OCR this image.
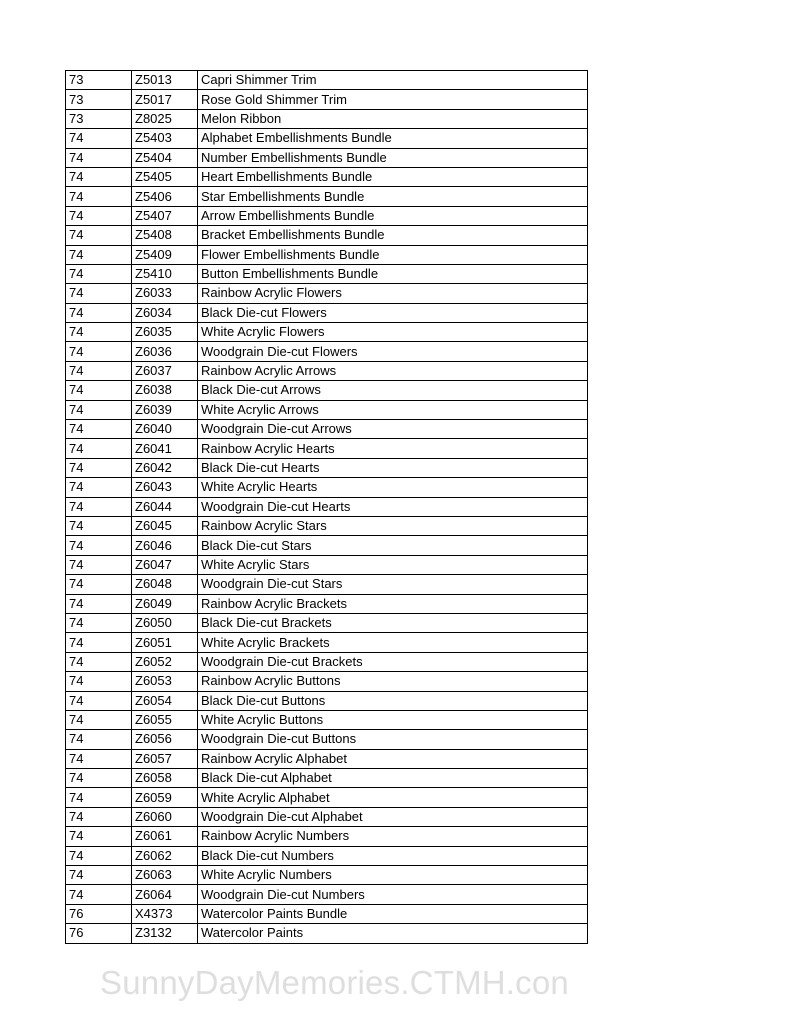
73	Z5013	Capri Shimmer Trim
73	Z5017	Rose Gold Shimmer Trim
73	Z8025	Melon Ribbon
74	Z5403	Alphabet Embellishments Bundle
74	Z5404	Number Embellishments Bundle
74	Z5405	Heart Embellishments Bundle
74	Z5406	Star Embellishments Bundle
74	Z5407	Arrow Embellishments Bundle
74	Z5408	Bracket Embellishments Bundle
74	Z5409	Flower Embellishments Bundle
74	Z5410	Button Embellishments Bundle
74	Z6033	Rainbow Acrylic Flowers
74	Z6034	Black Die-cut Flowers
74	Z6035	White Acrylic Flowers
74	Z6036	Woodgrain Die-cut Flowers
74	Z6037	Rainbow Acrylic Arrows
74	Z6038	Black Die-cut Arrows
74	Z6039	White Acrylic Arrows
74	Z6040	Woodgrain Die-cut Arrows
74	Z6041	Rainbow Acrylic Hearts
74	Z6042	Black Die-cut Hearts
74	Z6043	White Acrylic Hearts
74	Z6044	Woodgrain Die-cut Hearts
74	Z6045	Rainbow Acrylic Stars
74	Z6046	Black Die-cut Stars
74	Z6047	White Acrylic Stars
74	Z6048	Woodgrain Die-cut Stars
74	Z6049	Rainbow Acrylic Brackets
74	Z6050	Black Die-cut Brackets
74	Z6051	White Acrylic Brackets
74	Z6052	Woodgrain Die-cut Brackets
74	Z6053	Rainbow Acrylic Buttons
74	Z6054	Black Die-cut Buttons
74	Z6055	White Acrylic Buttons
74	Z6056	Woodgrain Die-cut Buttons
74	Z6057	Rainbow Acrylic Alphabet
74	Z6058	Black Die-cut Alphabet
74	Z6059	White Acrylic Alphabet
74	Z6060	Woodgrain Die-cut Alphabet
74	Z6061	Rainbow Acrylic Numbers
74	Z6062	Black Die-cut Numbers
74	Z6063	White Acrylic Numbers
74	Z6064	Woodgrain Die-cut Numbers
76	X4373	Watercolor Paints Bundle
76	Z3132	Watercolor Paints
SunnyDayMemories.CTMH.con
